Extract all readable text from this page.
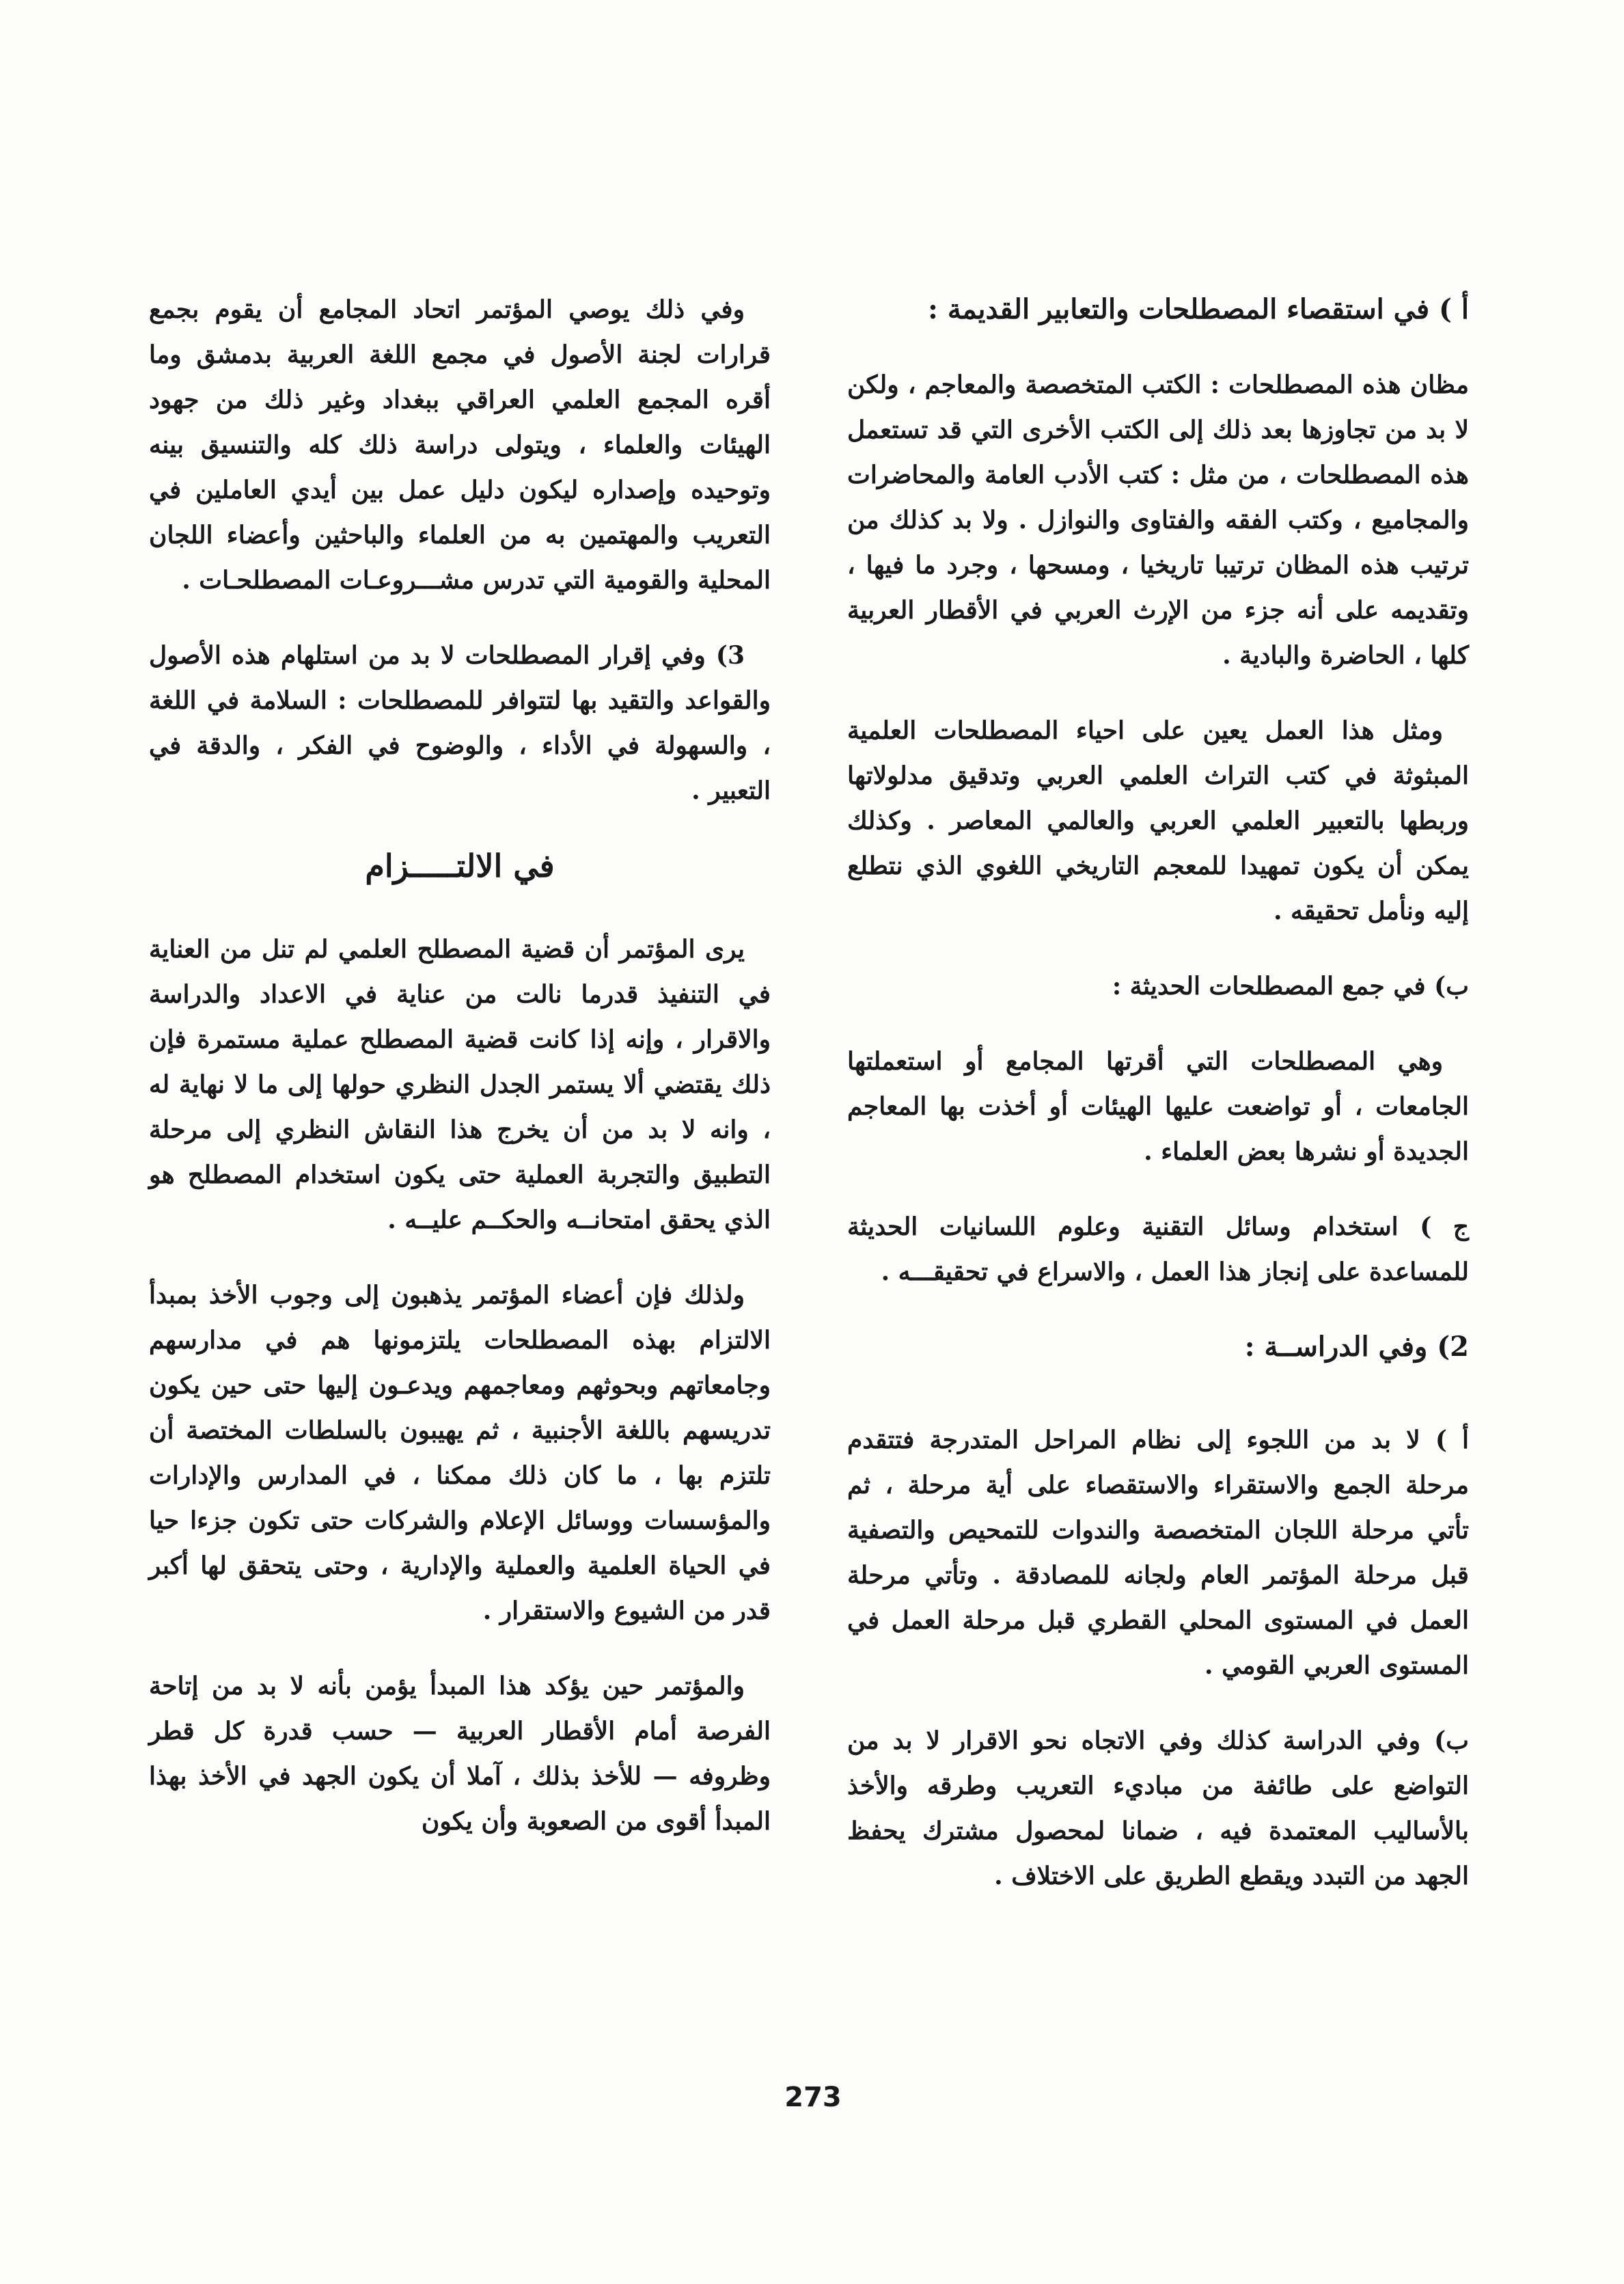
أ ) في استقصاء المصطلحات والتعابير القديمة :

مظان هذه المصطلحات : الكتب المتخصصة والمعاجم ، ولكن لا بد من تجاوزها بعد ذلك إلى الكتب الأخرى التي قد تستعمل هذه المصطلحات ، من مثل : كتب الأدب العامة والمحاضرات والمجاميع ، وكتب الفقه والفتاوى والنوازل . ولا بد كذلك من ترتيب هذه المظان ترتيبا تاريخيا ، ومسحها ، وجرد ما فيها ، وتقديمه على أنه جزء من الإرث العربي في الأقطار العربية كلها ، الحاضرة والبادية .

ومثل هذا العمل يعين على احياء المصطلحات العلمية المبثوثة في كتب التراث العلمي العربي وتدقيق مدلولاتها وربطها بالتعبير العلمي العربي والعالمي المعاصر . وكذلك يمكن أن يكون تمهيدا للمعجم التاريخي اللغوي الذي نتطلع إليه ونأمل تحقيقه .

ب) في جمع المصطلحات الحديثة :

وهي المصطلحات التي أقرتها المجامع أو استعملتها الجامعات ، أو تواضعت عليها الهيئات أو أخذت بها المعاجم الجديدة أو نشرها بعض العلماء .

ج ) استخدام وسائل التقنية وعلوم اللسانيات الحديثة للمساعدة على إنجاز هذا العمل ، والاسراع في تحقيقـــه .

2) وفي الدراســة :

أ ) لا بد من اللجوء إلى نظام المراحل المتدرجة فتتقدم مرحلة الجمع والاستقراء والاستقصاء على أية مرحلة ، ثم تأتي مرحلة اللجان المتخصصة والندوات للتمحيص والتصفية قبل مرحلة المؤتمر العام ولجانه للمصادقة . وتأتي مرحلة العمل في المستوى المحلي القطري قبل مرحلة العمل في المستوى العربي القومي .

ب) وفي الدراسة كذلك وفي الاتجاه نحو الاقرار لا بد من التواضع على طائفة من مباديء التعريب وطرقه والأخذ بالأساليب المعتمدة فيه ، ضمانا لمحصول مشترك يحفظ الجهد من التبدد ويقطع الطريق على الاختلاف .

وفي ذلك يوصي المؤتمر اتحاد المجامع أن يقوم بجمع قرارات لجنة الأصول في مجمع اللغة العربية بدمشق وما أقره المجمع العلمي العراقي ببغداد وغير ذلك من جهود الهيئات والعلماء ، ويتولى دراسة ذلك كله والتنسيق بينه وتوحيده وإصداره ليكون دليل عمل بين أيدي العاملين في التعريب والمهتمين به من العلماء والباحثين وأعضاء اللجان المحلية والقومية التي تدرس مشـــروعـات المصطلحـات .

3) وفي إقرار المصطلحات لا بد من استلهام هذه الأصول والقواعد والتقيد بها لتتوافر للمصطلحات : السلامة في اللغة ، والسهولة في الأداء ، والوضوح في الفكر ، والدقة في التعبير .

في الالتـــــزام

يرى المؤتمر أن قضية المصطلح العلمي لم تنل من العناية في التنفيذ قدرما نالت من عناية في الاعداد والدراسة والاقرار ، وإنه إذا كانت قضية المصطلح عملية مستمرة فإن ذلك يقتضي ألا يستمر الجدل النظري حولها إلى ما لا نهاية له ، وانه لا بد من أن يخرج هذا النقاش النظري إلى مرحلة التطبيق والتجربة العملية حتى يكون استخدام المصطلح هو الذي يحقق امتحانــه والحكــم عليــه .

ولذلك فإن أعضاء المؤتمر يذهبون إلى وجوب الأخذ بمبدأ الالتزام بهذه المصطلحات يلتزمونها هم في مدارسهم وجامعاتهم وبحوثهم ومعاجمهم ويدعـون إليها حتى حين يكون تدريسهم باللغة الأجنبية ، ثم يهيبون بالسلطات المختصة أن تلتزم بها ، ما كان ذلك ممكنا ، في المدارس والإدارات والمؤسسات ووسائل الإعلام والشركات حتى تكون جزءا حيا في الحياة العلمية والعملية والإدارية ، وحتى يتحقق لها أكبر قدر من الشيوع والاستقرار .

والمؤتمر حين يؤكد هذا المبدأ يؤمن بأنه لا بد من إتاحة الفرصة أمام الأقطار العربية — حسب قدرة كل قطر وظروفه — للأخذ بذلك ، آملا أن يكون الجهد في الأخذ بهذا المبدأ أقوى من الصعوبة وأن يكون

273
